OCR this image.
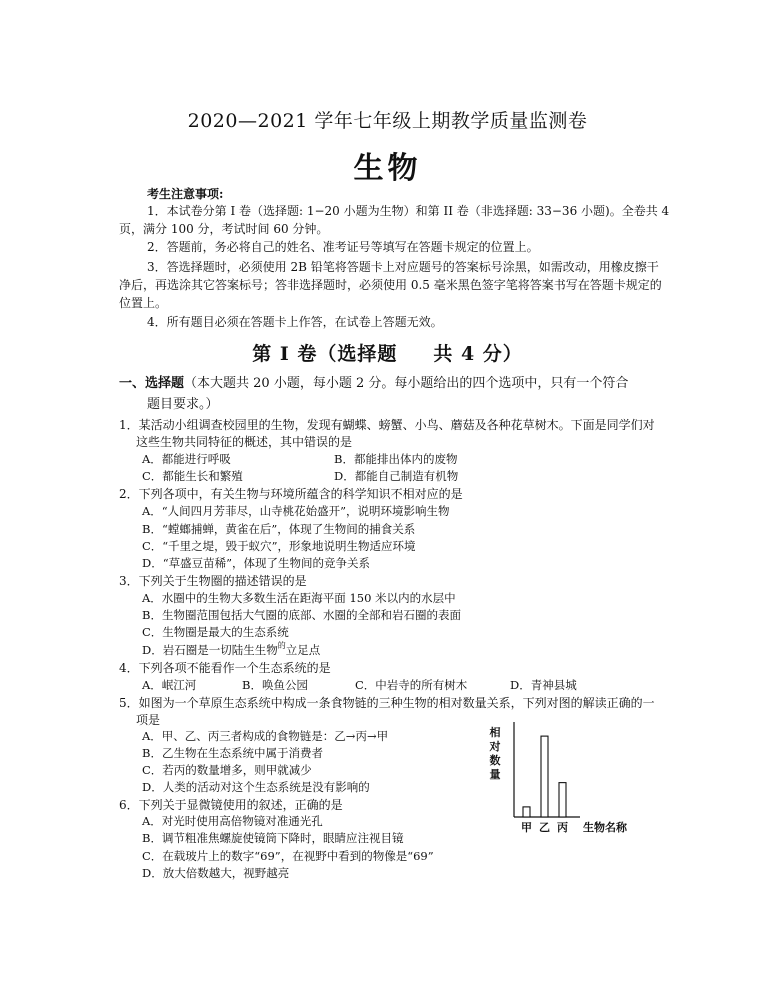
2020—2021 学年七年级上期教学质量监测卷
生物
考生注意事项:
1．本试卷分第 I 卷（选择题: 1−20 小题为生物）和第 II 卷（非选择题: 33−36 小题)。全卷共 4
页，满分 100 分，考试时间 60 分钟。
2．答题前，务必将自己的姓名、准考证号等填写在答题卡规定的位置上。
3．答选择题时，必须使用 2B 铅笔将答题卡上对应题号的答案标号涂黑，如需改动，用橡皮擦干
净后，再选涂其它答案标号；答非选择题时，必须使用 0.5 毫米黑色签字笔将答案书写在答题卡规定的
位置上。
4．所有题目必须在答题卡上作答，在试卷上答题无效。
第 I 卷（选择题 共 4 分）
一、选择题（本大题共 20 小题，每小题 2 分。每小题给出的四个选项中，只有一个符合
题目要求。）
1．某活动小组调查校园里的生物，发现有蝴蝶、螃蟹、小鸟、蘑菇及各种花草树木。下面是同学们对
这些生物共同特征的概述，其中错误的是
A．都能进行呼吸	B．都能排出体内的废物
C．都能生长和繁殖	D．都能自己制造有机物
2．下列各项中，有关生物与环境所蕴含的科学知识不相对应的是
A．“人间四月芳菲尽，山寺桃花始盛开”，说明环境影响生物
B．“螳螂捕蝉，黄雀在后”，体现了生物间的捕食关系
C．“千里之堤，毁于蚁穴”，形象地说明生物适应环境
D．“草盛豆苗稀”，体现了生物间的竞争关系
3．下列关于生物圈的描述错误的是
A．水圈中的生物大多数生活在距海平面 150 米以内的水层中
B．生物圈范围包括大气圈的底部、水圈的全部和岩石圈的表面
C．生物圈是最大的生态系统
D．岩石圈是一切陆生生物$^的$立足点
4．下列各项不能看作一个生态系统的是
A．岷江河	B．唤鱼公园	C．中岩寺的所有树木	D．青神县城
5．如图为一个草原生态系统中构成一条食物链的三种生物的相对数量关系，下列对图的解读正确的一
项是
A．甲、乙、丙三者构成的食物链是：乙→丙→甲
B．乙生物在生态系统中属于消费者
C．若丙的数量增多，则甲就减少
D．人类的活动对这个生态系统是没有影响的
6．下列关于显微镜使用的叙述，正确的是
A．对光时使用高倍物镜对准通光孔
B．调节粗准焦螺旋使镜筒下降时，眼睛应注视目镜
C．在载玻片上的数字“69”，在视野中看到的物像是“69”
D．放大倍数越大，视野越亮
相
对
数
量
甲 乙 丙 生物名称
